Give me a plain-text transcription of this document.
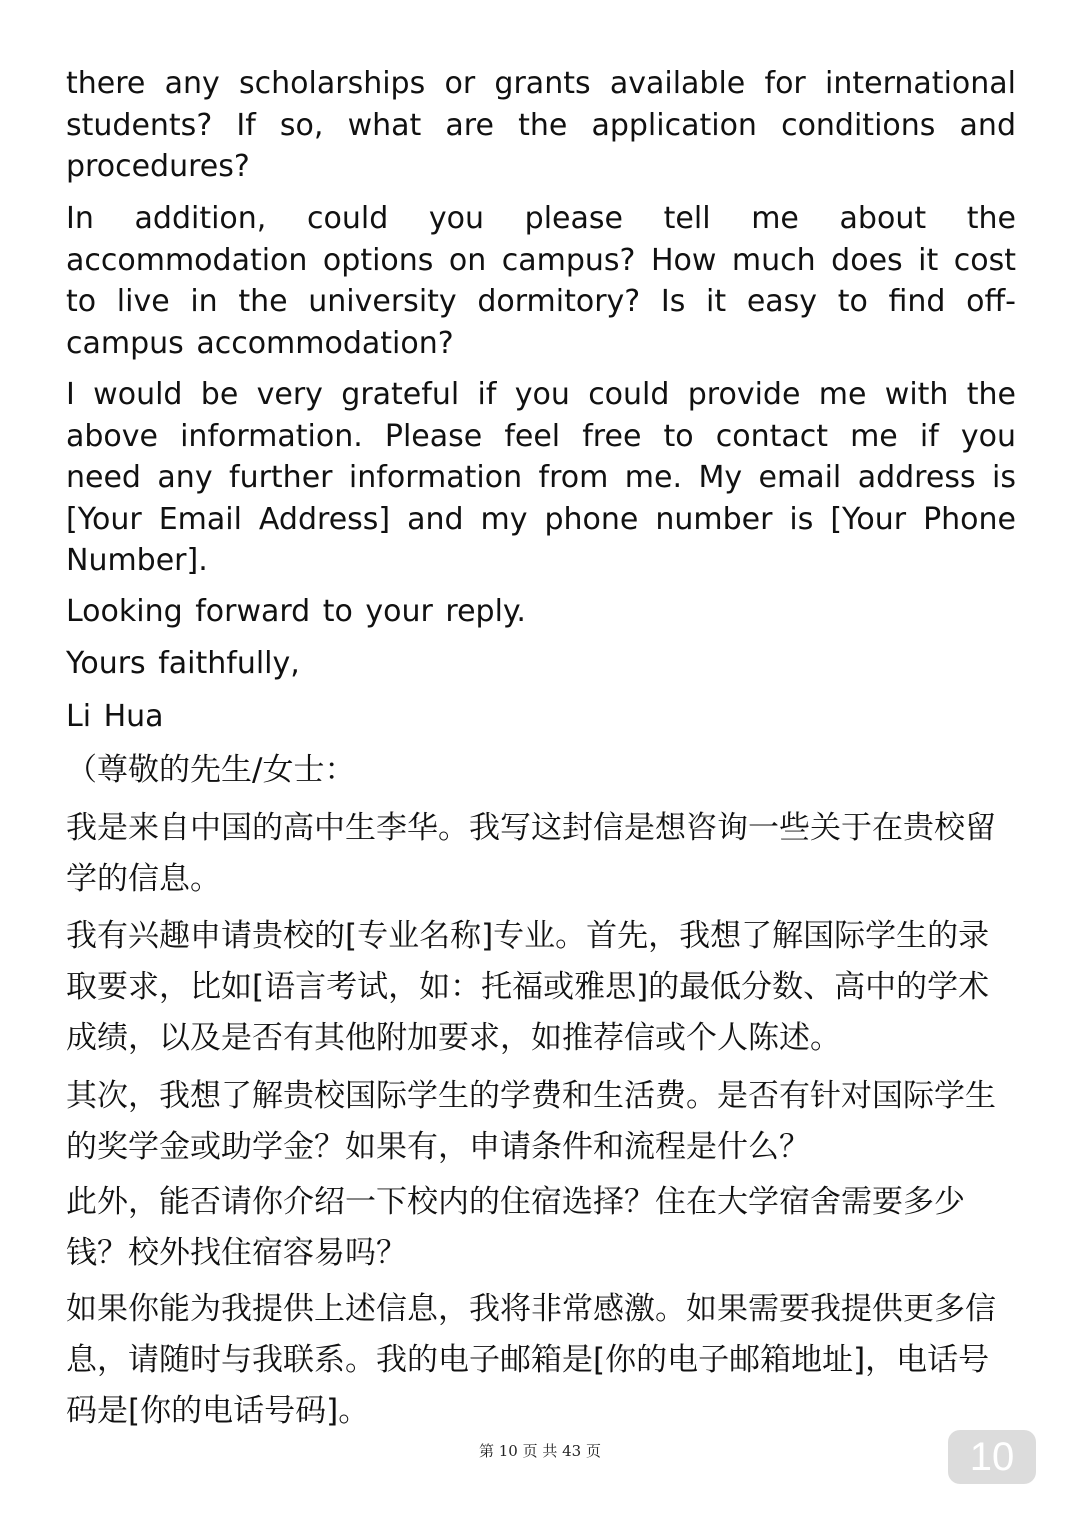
there any scholarships or grants available for international students? If so, what are the application conditions and procedures?

In addition, could you please tell me about the accommodation options on campus? How much does it cost to live in the university dormitory? Is it easy to find off-campus accommodation?

I would be very grateful if you could provide me with the above information. Please feel free to contact me if you need any further information from me. My email address is [Your Email Address] and my phone number is [Your Phone Number].

Looking forward to your reply.

Yours faithfully,

Li Hua

（尊敬的先生/女士：

我是来自中国的高中生李华。我写这封信是想咨询一些关于在贵校留学的信息。

我有兴趣申请贵校的[专业名称]专业。首先，我想了解国际学生的录取要求，比如[语言考试，如：托福或雅思]的最低分数、高中的学术成绩，以及是否有其他附加要求，如推荐信或个人陈述。

其次，我想了解贵校国际学生的学费和生活费。是否有针对国际学生的奖学金或助学金？如果有，申请条件和流程是什么？

此外，能否请你介绍一下校内的住宿选择？住在大学宿舍需要多少钱？校外找住宿容易吗？

如果你能为我提供上述信息，我将非常感激。如果需要我提供更多信息，请随时与我联系。我的电子邮箱是[你的电子邮箱地址]，电话号码是[你的电话号码]。

第 10 页 共 43 页	10
